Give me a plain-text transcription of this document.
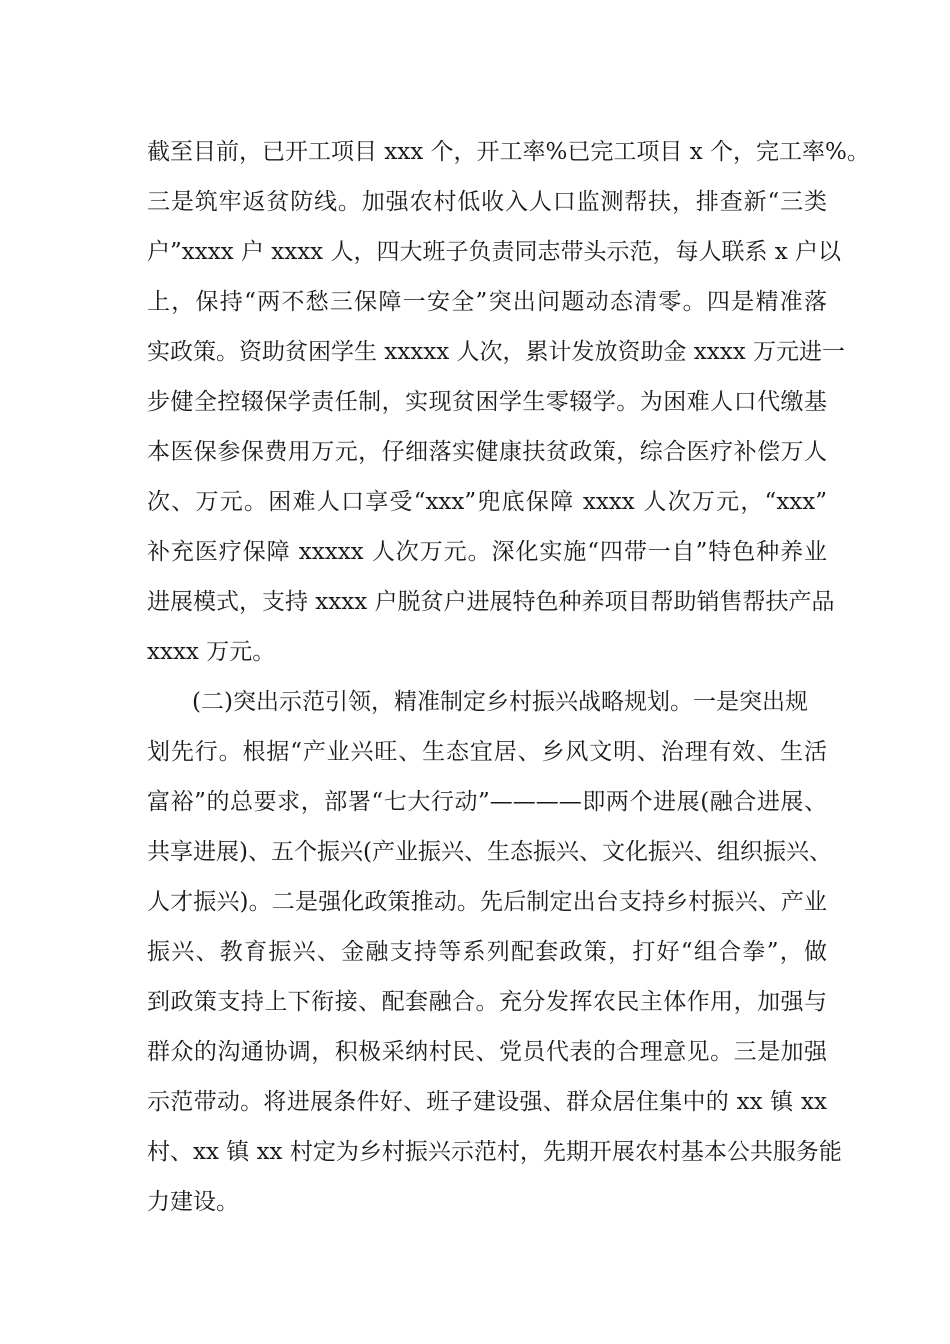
截至目前，已开工项目 xxx 个，开工率%已完工项目 x 个，完工率%。
三是筑牢返贫防线。加强农村低收入人口监测帮扶，排查新“三类
户”xxxx 户 xxxx 人，四大班子负责同志带头示范，每人联系 x 户以
上，保持“两不愁三保障一安全”突出问题动态清零。四是精准落
实政策。资助贫困学生 xxxxx 人次，累计发放资助金 xxxx 万元进一
步健全控辍保学责任制，实现贫困学生零辍学。为困难人口代缴基
本医保参保费用万元，仔细落实健康扶贫政策，综合医疗补偿万人
次、万元。困难人口享受“xxx”兜底保障 xxxx 人次万元，“xxx”
补充医疗保障 xxxxx 人次万元。深化实施“四带一自”特色种养业
进展模式，支持 xxxx 户脱贫户进展特色种养项目帮助销售帮扶产品
xxxx 万元。
(二)突出示范引领，精准制定乡村振兴战略规划。一是突出规
划先行。根据“产业兴旺、生态宜居、乡风文明、治理有效、生活
富裕”的总要求，部署“七大行动”————即两个进展(融合进展、
共享进展)、五个振兴(产业振兴、生态振兴、文化振兴、组织振兴、
人才振兴)。二是强化政策推动。先后制定出台支持乡村振兴、产业
振兴、教育振兴、金融支持等系列配套政策，打好“组合拳”，做
到政策支持上下衔接、配套融合。充分发挥农民主体作用，加强与
群众的沟通协调，积极采纳村民、党员代表的合理意见。三是加强
示范带动。将进展条件好、班子建设强、群众居住集中的 xx 镇 xx
村、xx 镇 xx 村定为乡村振兴示范村，先期开展农村基本公共服务能
力建设。
